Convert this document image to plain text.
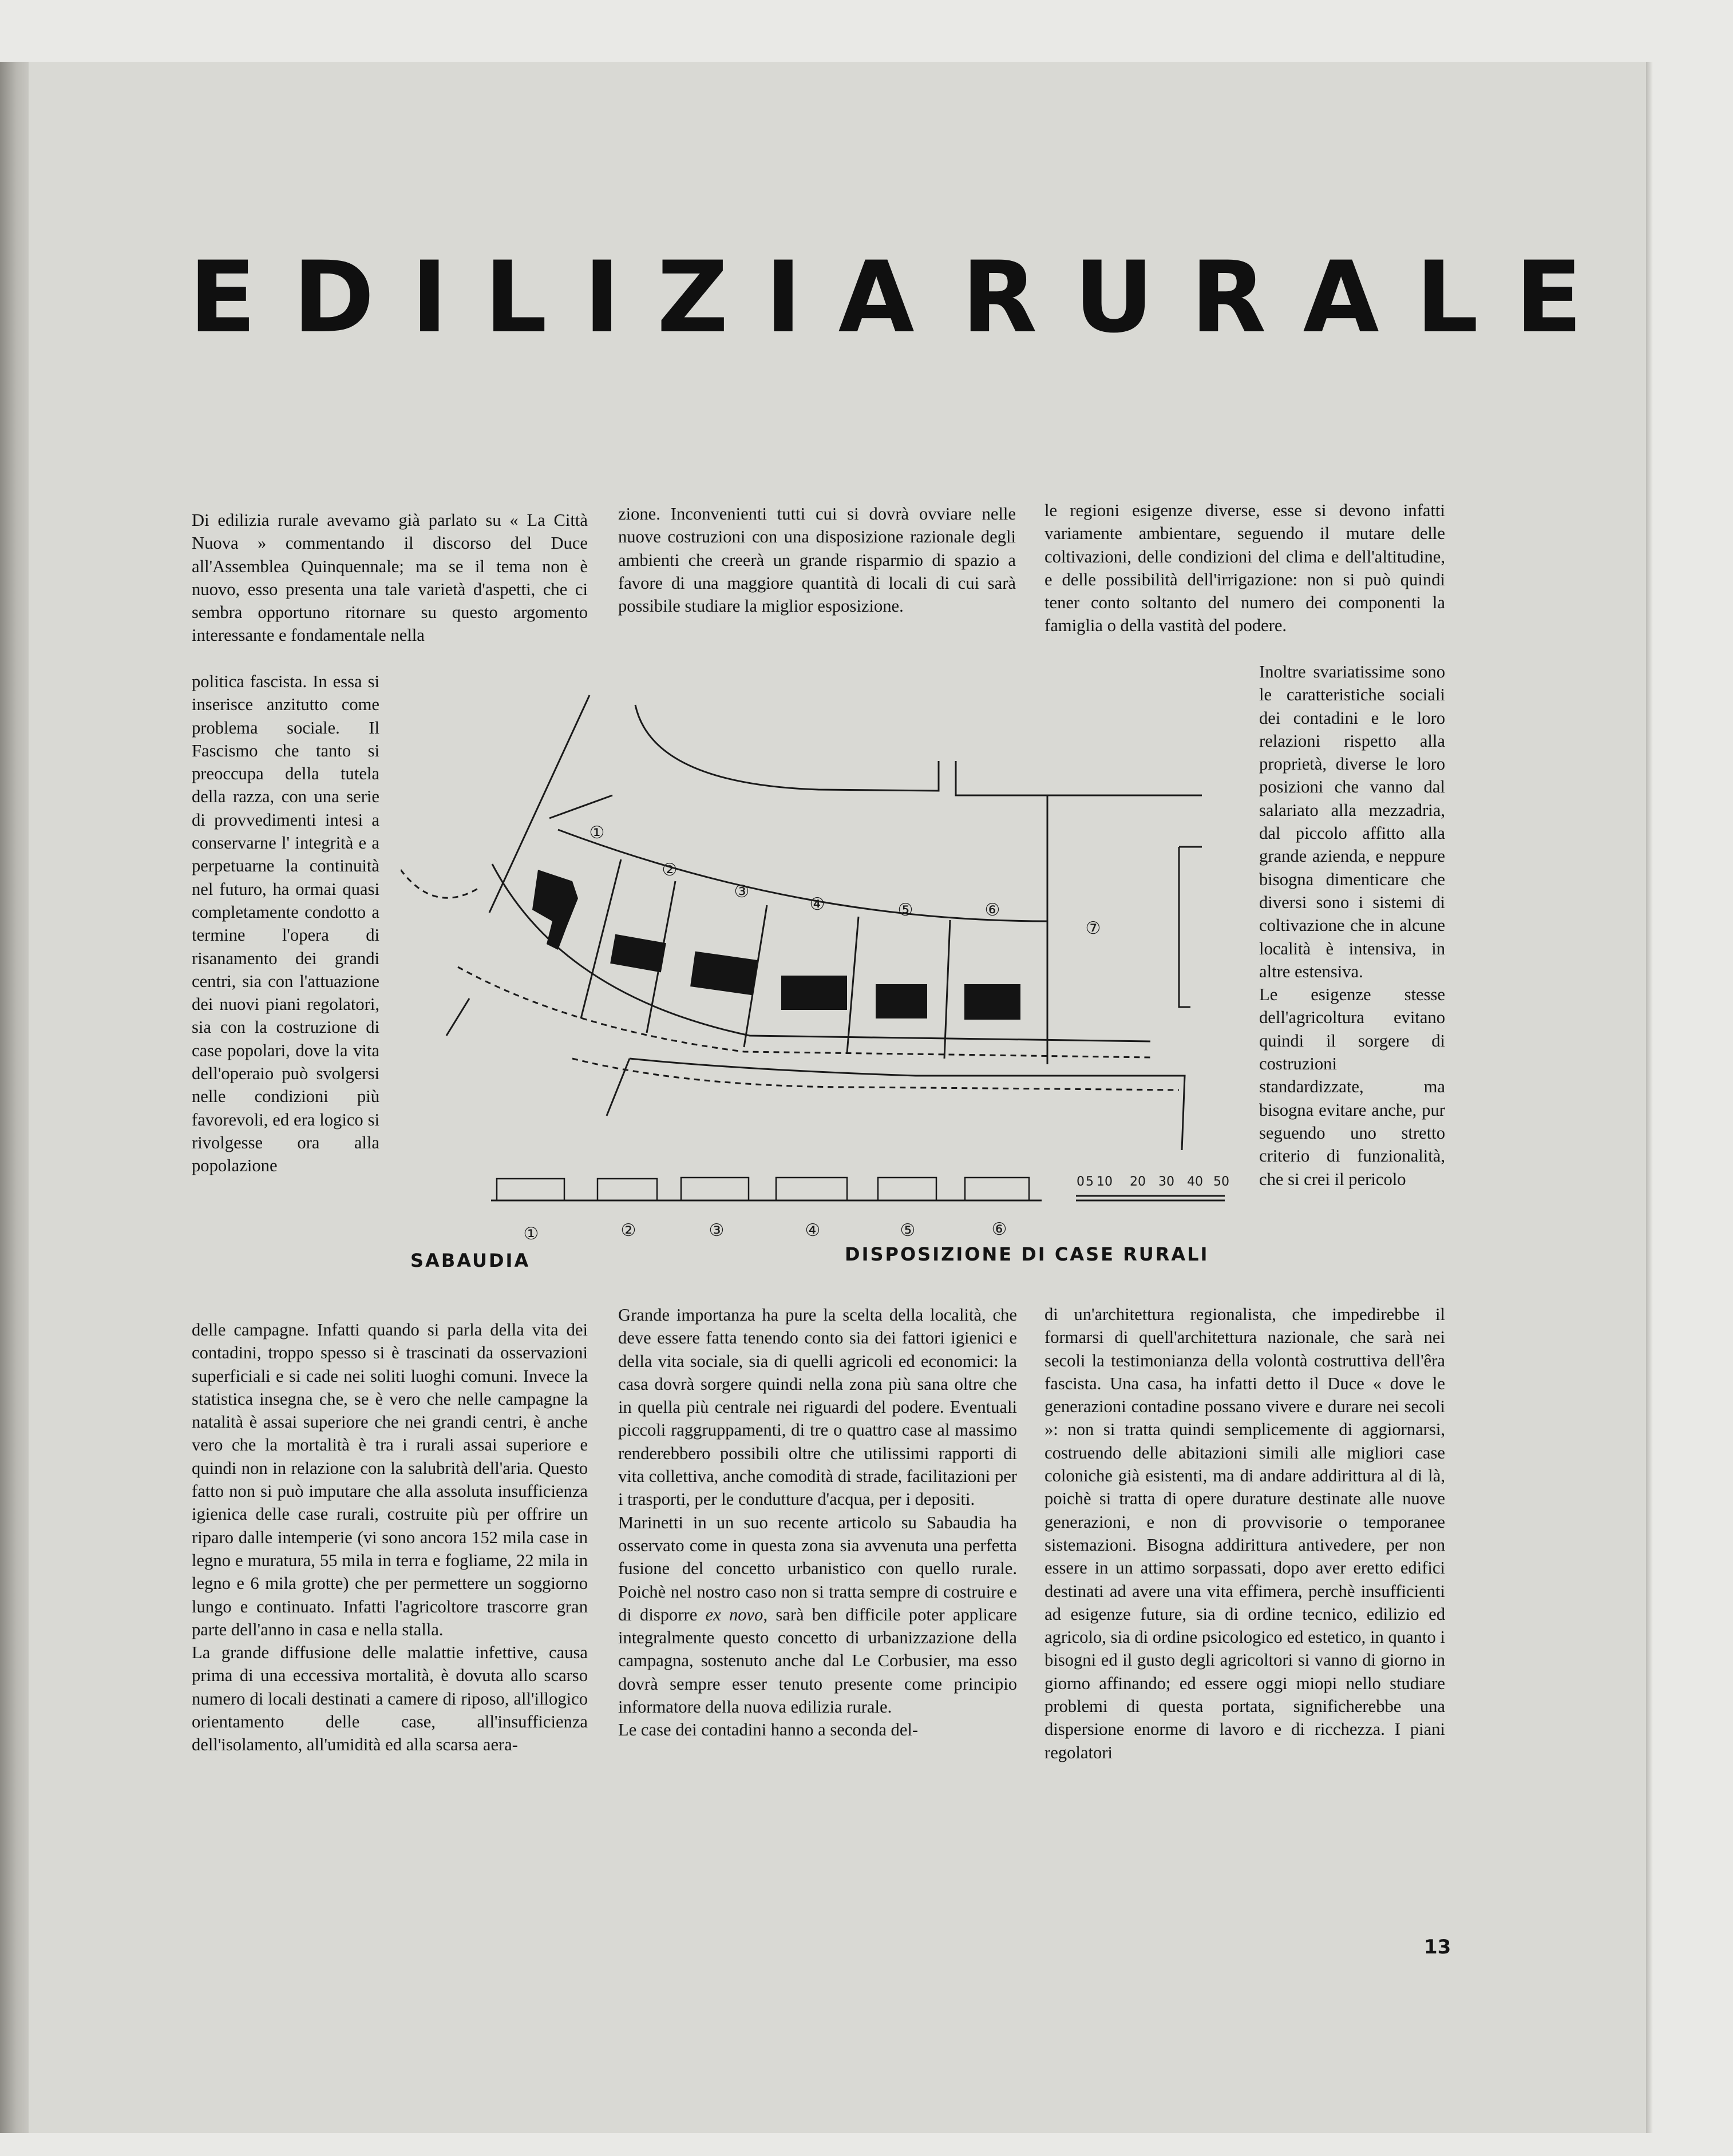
EDILIZIA RURALE

Di edilizia rurale avevamo già parlato su « La Città Nuova » commentando il discorso del Duce all'Assemblea Quinquennale; ma se il tema non è nuovo, esso presenta una tale varietà d'aspetti, che ci sembra opportuno ritornare su questo argomento interessante e fondamentale nella

politica fascista. In essa si inserisce anzitutto come problema sociale. Il Fascismo che tanto si preoccupa della tutela della razza, con una serie di provvedimenti intesi a conservarne l' integrità e a perpetuarne la continuità nel futuro, ha ormai quasi completamente condotto a termine l'opera di risanamento dei grandi centri, sia con l'attuazione dei nuovi piani regolatori, sia con la costruzione di case popolari, dove la vita dell'operaio può svolgersi nelle condizioni più favorevoli, ed era logico si rivolgesse ora alla popolazione

delle campagne. Infatti quando si parla della vita dei contadini, troppo spesso si è trascinati da osservazioni superficiali e si cade nei soliti luoghi comuni. Invece la statistica insegna che, se è vero che nelle campagne la natalità è assai superiore che nei grandi centri, è anche vero che la mortalità è tra i rurali assai superiore e quindi non in relazione con la salubrità dell'aria. Questo fatto non si può imputare che alla assoluta insufficienza igienica delle case rurali, costruite più per offrire un riparo dalle intemperie (vi sono ancora 152 mila case in legno e muratura, 55 mila in terra e fogliame, 22 mila in legno e 6 mila grotte) che per permettere un soggiorno lungo e continuato. Infatti l'agricoltore trascorre gran parte dell'anno in casa e nella stalla.

La grande diffusione delle malattie infettive, causa prima di una eccessiva mortalità, è dovuta allo scarso numero di locali destinati a camere di riposo, all'illogico orientamento delle case, all'insufficienza dell'isolamento, all'umidità ed alla scarsa aera-

zione. Inconvenienti tutti cui si dovrà ovviare nelle nuove costruzioni con una disposizione razionale degli ambienti che creerà un grande risparmio di spazio a favore di una maggiore quantità di locali di cui sarà possibile studiare la miglior esposizione.

Grande importanza ha pure la scelta della località, che deve essere fatta tenendo conto sia dei fattori igienici e della vita sociale, sia di quelli agricoli ed economici: la casa dovrà sorgere quindi nella zona più sana oltre che in quella più centrale nei riguardi del podere. Eventuali piccoli raggruppamenti, di tre o quattro case al massimo renderebbero possibili oltre che utilissimi rapporti di vita collettiva, anche comodità di strade, facilitazioni per i trasporti, per le condutture d'acqua, per i depositi.

Marinetti in un suo recente articolo su Sabaudia ha osservato come in questa zona sia avvenuta una perfetta fusione del concetto urbanistico con quello rurale. Poichè nel nostro caso non si tratta sempre di costruire e di disporre ex novo, sarà ben difficile poter applicare integralmente questo concetto di urbanizzazione della campagna, sostenuto anche dal Le Corbusier, ma esso dovrà sempre esser tenuto presente come principio informatore della nuova edilizia rurale.

Le case dei contadini hanno a seconda del-

le regioni esigenze diverse, esse si devono infatti variamente ambientare, seguendo il mutare delle coltivazioni, delle condizioni del clima e dell'altitudine, e delle possibilità dell'irrigazione: non si può quindi tener conto soltanto del numero dei componenti la famiglia o della vastità del podere.

Inoltre svariatissime sono le caratteristiche sociali dei contadini e le loro relazioni rispetto alla proprietà, diverse le loro posizioni che vanno dal salariato alla mezzadria, dal piccolo affitto alla grande azienda, e neppure bisogna dimenticare che diversi sono i sistemi di coltivazione che in alcune località è intensiva, in altre estensiva.

Le esigenze stesse dell'agricoltura evitano quindi il sorgere di costruzioni standardizzate, ma bisogna evitare anche, pur seguendo uno stretto criterio di funzionalità, che si crei il pericolo

di un'architettura regionalista, che impedirebbe il formarsi di quell'architettura nazionale, che sarà nei secoli la testimonianza della volontà costruttiva dell'êra fascista. Una casa, ha infatti detto il Duce « dove le generazioni contadine possano vivere e durare nei secoli »: non si tratta quindi semplicemente di aggiornarsi, costruendo delle abitazioni simili alle migliori case coloniche già esistenti, ma di andare addirittura al di là, poichè si tratta di opere durature destinate alle nuove generazioni, e non di provvisorie o temporanee sistemazioni. Bisogna addirittura antivedere, per non essere in un attimo sorpassati, dopo aver eretto edifici destinati ad avere una vita effimera, perchè insufficienti ad esigenze future, sia di ordine tecnico, edilizio ed agricolo, sia di ordine psicologico ed estetico, in quanto i bisogni ed il gusto degli agricoltori si vanno di giorno in giorno affinando; ed essere oggi miopi nello studiare problemi di questa portata, significherebbe una dispersione enorme di lavoro e di ricchezza. I piani regolatori

①
②
③
④	⑤	⑥
⑦
①	②	③	④	⑤	⑥
0 5 10 20 30 40 50
SABAUDIA	DISPOSIZIONE DI CASE RURALI
13
